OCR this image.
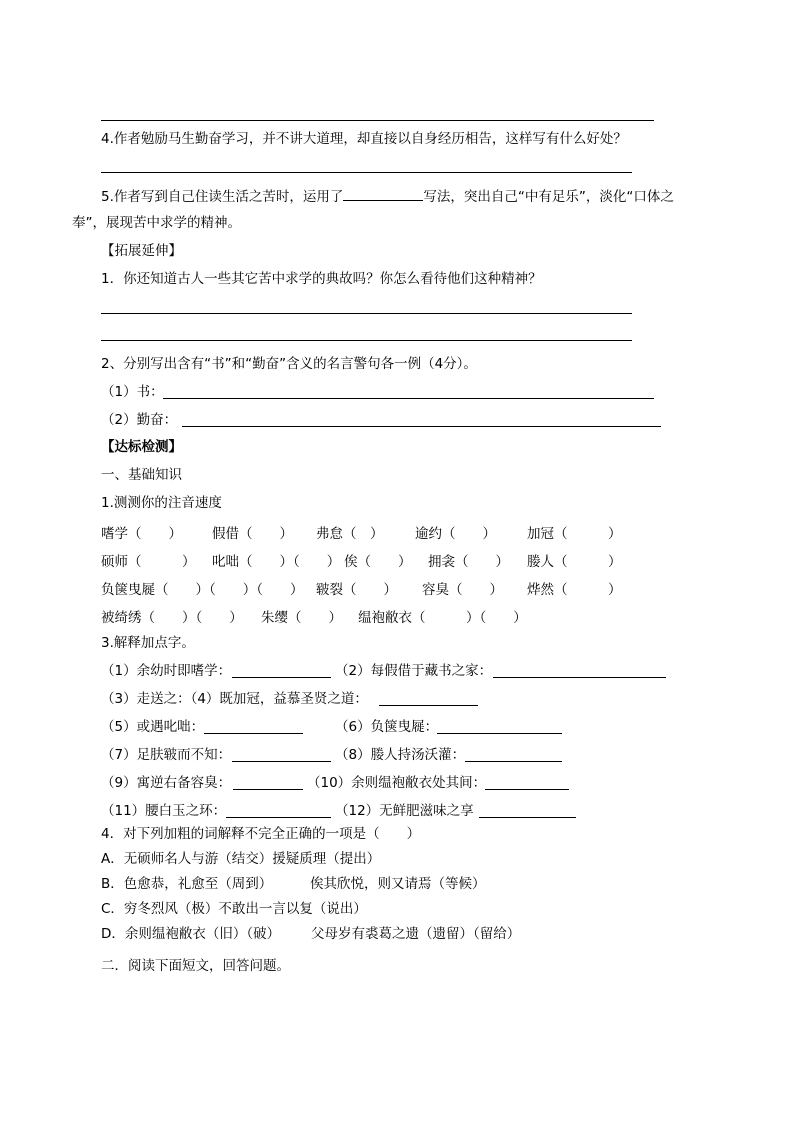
4.作者勉励马生勤奋学习，并不讲大道理，却直接以自身经历相告，这样写有什么好处？
5.作者写到自己住读生活之苦时，运用了	写法，突出自己“中有足乐”，淡化“口体之
奉”，展现苦中求学的精神。
【拓展延伸】
1．你还知道古人一些其它苦中求学的典故吗？你怎么看待他们这种精神？
2、分别写出含有“书”和“勤奋”含义的名言警句各一例（4分）。
（1）书：
（2）勤奋：
【达标检测】
一、基础知识
1.测测你的注音速度
嗜学（　　） 假借（　　） 弗怠（　） 逾约（　　） 加冠（　　　）
硕师（　　　） 叱咄（　　）（　　） 俟（　　） 拥衾（　　） 媵人（　　　）
负箧曳屣（　　）（　　）（　　） 皲裂（　　） 容臭（　　） 烨然（　　　）
被绮绣（　　）（　　） 朱缨（　　） 缊袍敝衣（　　　）（　　）
3.解释加点字。
（1）余幼时即嗜学：	（2）每假借于藏书之家：
（3）走送之：（4）既加冠，益慕圣贤之道：
（5）或遇叱咄：	（6）负箧曳屣：
（7）足肤皲而不知：	（8）媵人持汤沃灌：
（9）寓逆右备容臭：	（10）余则缊袍敝衣处其间：
（11）腰白玉之环：	（12）无鲜肥滋味之享
4．对下列加粗的词解释不完全正确的一项是（　　）
A．无硕师名人与游（结交）援疑质理（提出）
B．色愈恭，礼愈至（周到）	俟其欣悦，则又请焉（等候）
C．穷冬烈风（极）不敢出一言以复（说出）
D．余则缊袍敝衣（旧）（破） 父母岁有裘葛之遗（遗留）（留给）
二．阅读下面短文，回答问题。
